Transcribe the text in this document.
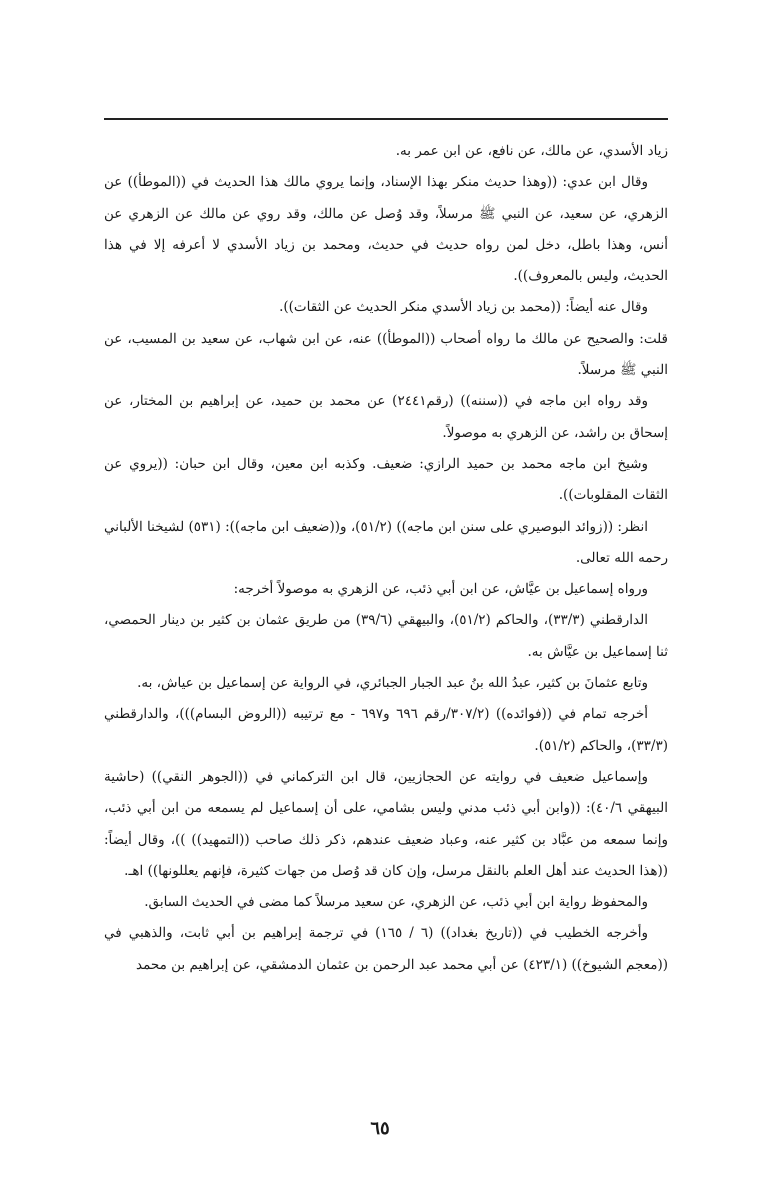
زياد الأسدي، عن مالك، عن نافع، عن ابن عمر به.

وقال ابن عدي: ((وهذا حديث منكر بهذا الإسناد، وإنما يروي مالك هذا الحديث في ((الموطأ)) عن الزهري، عن سعيد، عن النبي ﷺ مرسلاً، وقد وُصل عن مالك، وقد روي عن مالك عن الزهري عن أنس، وهذا باطل، دخل لمن رواه حديث في حديث، ومحمد بن زياد الأسدي لا أعرفه إلا في هذا الحديث، وليس بالمعروف)).

وقال عنه أيضاً: ((محمد بن زياد الأسدي منكر الحديث عن الثقات)).

قلت: والصحيح عن مالك ما رواه أصحاب ((الموطأ)) عنه، عن ابن شهاب، عن سعيد بن المسيب، عن النبي ﷺ مرسلاً.

وقد رواه ابن ماجه في ((سننه)) (رقم٢٤٤١) عن محمد بن حميد، عن إبراهيم بن المختار، عن إسحاق بن راشد، عن الزهري به موصولاً.

وشيخ ابن ماجه محمد بن حميد الرازي: ضعيف. وكذبه ابن معين، وقال ابن حبان: ((يروي عن الثقات المقلوبات)).

انظر: ((زوائد البوصيري على سنن ابن ماجه)) (٥١/٢)، و((ضعيف ابن ماجه)): (٥٣١) لشيخنا الألباني رحمه الله تعالى.

ورواه إسماعيل بن عيَّاش، عن ابن أبي ذئب، عن الزهري به موصولاً أخرجه:

الدارقطني (٣٣/٣)، والحاكم (٥١/٢)، والبيهقي (٣٩/٦) من طريق عثمان بن كثير بن دينار الحمصي، ثنا إسماعيل بن عيَّاش به.

وتابع عثمانَ بن كثير، عبدُ الله بنُ عبد الجبار الجبائري، في الرواية عن إسماعيل بن عياش، به.

أخرجه تمام في ((فوائده)) (٣٠٧/٢/رقم ٦٩٦ و٦٩٧ - مع ترتيبه ((الروض البسام)))، والدارقطني (٣٣/٣)، والحاكم (٥١/٢).

وإسماعيل ضعيف في روايته عن الحجازيين، قال ابن التركماني في ((الجوهر النقي)) (حاشية البيهقي ٤٠/٦): ((وابن أبي ذئب مدني وليس بشامي، على أن إسماعيل لم يسمعه من ابن أبي ذئب، وإنما سمعه من عبَّاد بن كثير عنه، وعباد ضعيف عندهم، ذكر ذلك صاحب ((التمهيد)) ))، وقال أيضاً: ((هذا الحديث عند أهل العلم بالنقل مرسل، وإن كان قد وُصل من جهات كثيرة، فإنهم يعللونها)) اهـ.

والمحفوظ رواية ابن أبي ذئب، عن الزهري، عن سعيد مرسلاً كما مضى في الحديث السابق.

وأخرجه الخطيب في ((تاريخ بغداد)) (٦ / ١٦٥) في ترجمة إبراهيم بن أبي ثابت، والذهبي في ((معجم الشيوخ)) (٤٢٣/١) عن أبي محمد عبد الرحمن بن عثمان الدمشقي، عن إبراهيم بن محمد

٦٥
